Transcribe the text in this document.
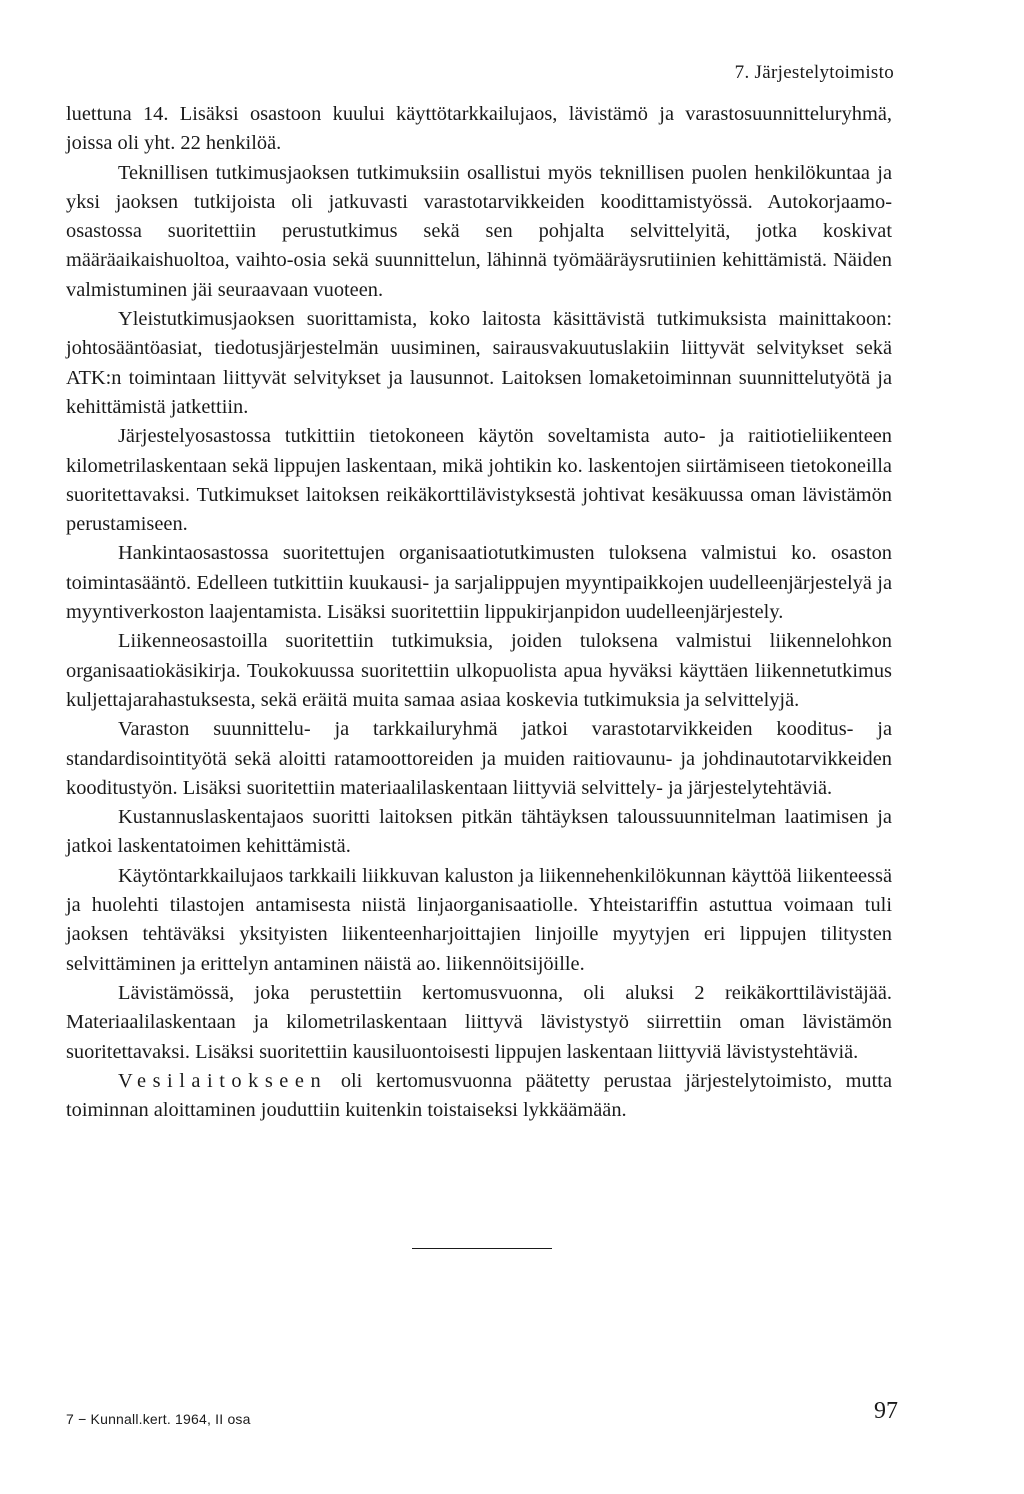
7. Järjestelytoimisto

luettuna 14. Lisäksi osastoon kuului käyttötarkkailujaos, lävistämö ja varastosuunnitteluryhmä, joissa oli yht. 22 henkilöä.

Teknillisen tutkimusjaoksen tutkimuksiin osallistui myös teknillisen puolen henkilökuntaa ja yksi jaoksen tutkijoista oli jatkuvasti varastotarvikkeiden koodittamistyössä. Autokorjaamo-osastossa suoritettiin perustutkimus sekä sen pohjalta selvittelyitä, jotka koskivat määräaikaishuoltoa, vaihto-osia sekä suunnittelun, lähinnä työmääräysrutiinien kehittämistä. Näiden valmistuminen jäi seuraavaan vuoteen.

Yleistutkimusjaoksen suorittamista, koko laitosta käsittävistä tutkimuksista mainittakoon: johtosääntöasiat, tiedotusjärjestelmän uusiminen, sairausvakuutuslakiin liittyvät selvitykset sekä ATK:n toimintaan liittyvät selvitykset ja lausunnot. Laitoksen lomaketoiminnan suunnittelutyötä ja kehittämistä jatkettiin.

Järjestelyosastossa tutkittiin tietokoneen käytön soveltamista auto- ja raitiotieliikenteen kilometrilaskentaan sekä lippujen laskentaan, mikä johtikin ko. laskentojen siirtämiseen tietokoneilla suoritettavaksi. Tutkimukset laitoksen reikäkorttilävistyksestä johtivat kesäkuussa oman lävistämön perustamiseen.

Hankintaosastossa suoritettujen organisaatiotutkimusten tuloksena valmistui ko. osaston toimintasääntö. Edelleen tutkittiin kuukausi- ja sarjalippujen myyntipaikkojen uudelleenjärjestelyä ja myyntiverkoston laajentamista. Lisäksi suoritettiin lippukirjanpidon uudelleenjärjestely.

Liikenneosastoilla suoritettiin tutkimuksia, joiden tuloksena valmistui liikennelohkon organisaatiokäsikirja. Toukokuussa suoritettiin ulkopuolista apua hyväksi käyttäen liikennetutkimus kuljettajarahastuksesta, sekä eräitä muita samaa asiaa koskevia tutkimuksia ja selvittelyjä.

Varaston suunnittelu- ja tarkkailuryhmä jatkoi varastotarvikkeiden kooditus- ja standardisointityötä sekä aloitti ratamoottoreiden ja muiden raitiovaunu- ja johdinautotarvikkeiden kooditustyön. Lisäksi suoritettiin materiaalilaskentaan liittyviä selvittely- ja järjestelytehtäviä.

Kustannuslaskentajaos suoritti laitoksen pitkän tähtäyksen taloussuunnitelman laatimisen ja jatkoi laskentatoimen kehittämistä.

Käytöntarkkailujaos tarkkaili liikkuvan kaluston ja liikennehenkilökunnan käyttöä liikenteessä ja huolehti tilastojen antamisesta niistä linjaorganisaatiolle. Yhteistariffin astuttua voimaan tuli jaoksen tehtäväksi yksityisten liikenteenharjoittajien linjoille myytyjen eri lippujen tilitysten selvittäminen ja erittelyn antaminen näistä ao. liikennöitsijöille.

Lävistämössä, joka perustettiin kertomusvuonna, oli aluksi 2 reikäkorttilävistäjää. Materiaalilaskentaan ja kilometrilaskentaan liittyvä lävistystyö siirrettiin oman lävistämön suoritettavaksi. Lisäksi suoritettiin kausiluontoisesti lippujen laskentaan liittyviä lävistystehtäviä.

Vesilaitokseen oli kertomusvuonna päätetty perustaa järjestelytoimisto, mutta toiminnan aloittaminen jouduttiin kuitenkin toistaiseksi lykkäämään.

7 − Kunnall.kert. 1964, II osa	97
